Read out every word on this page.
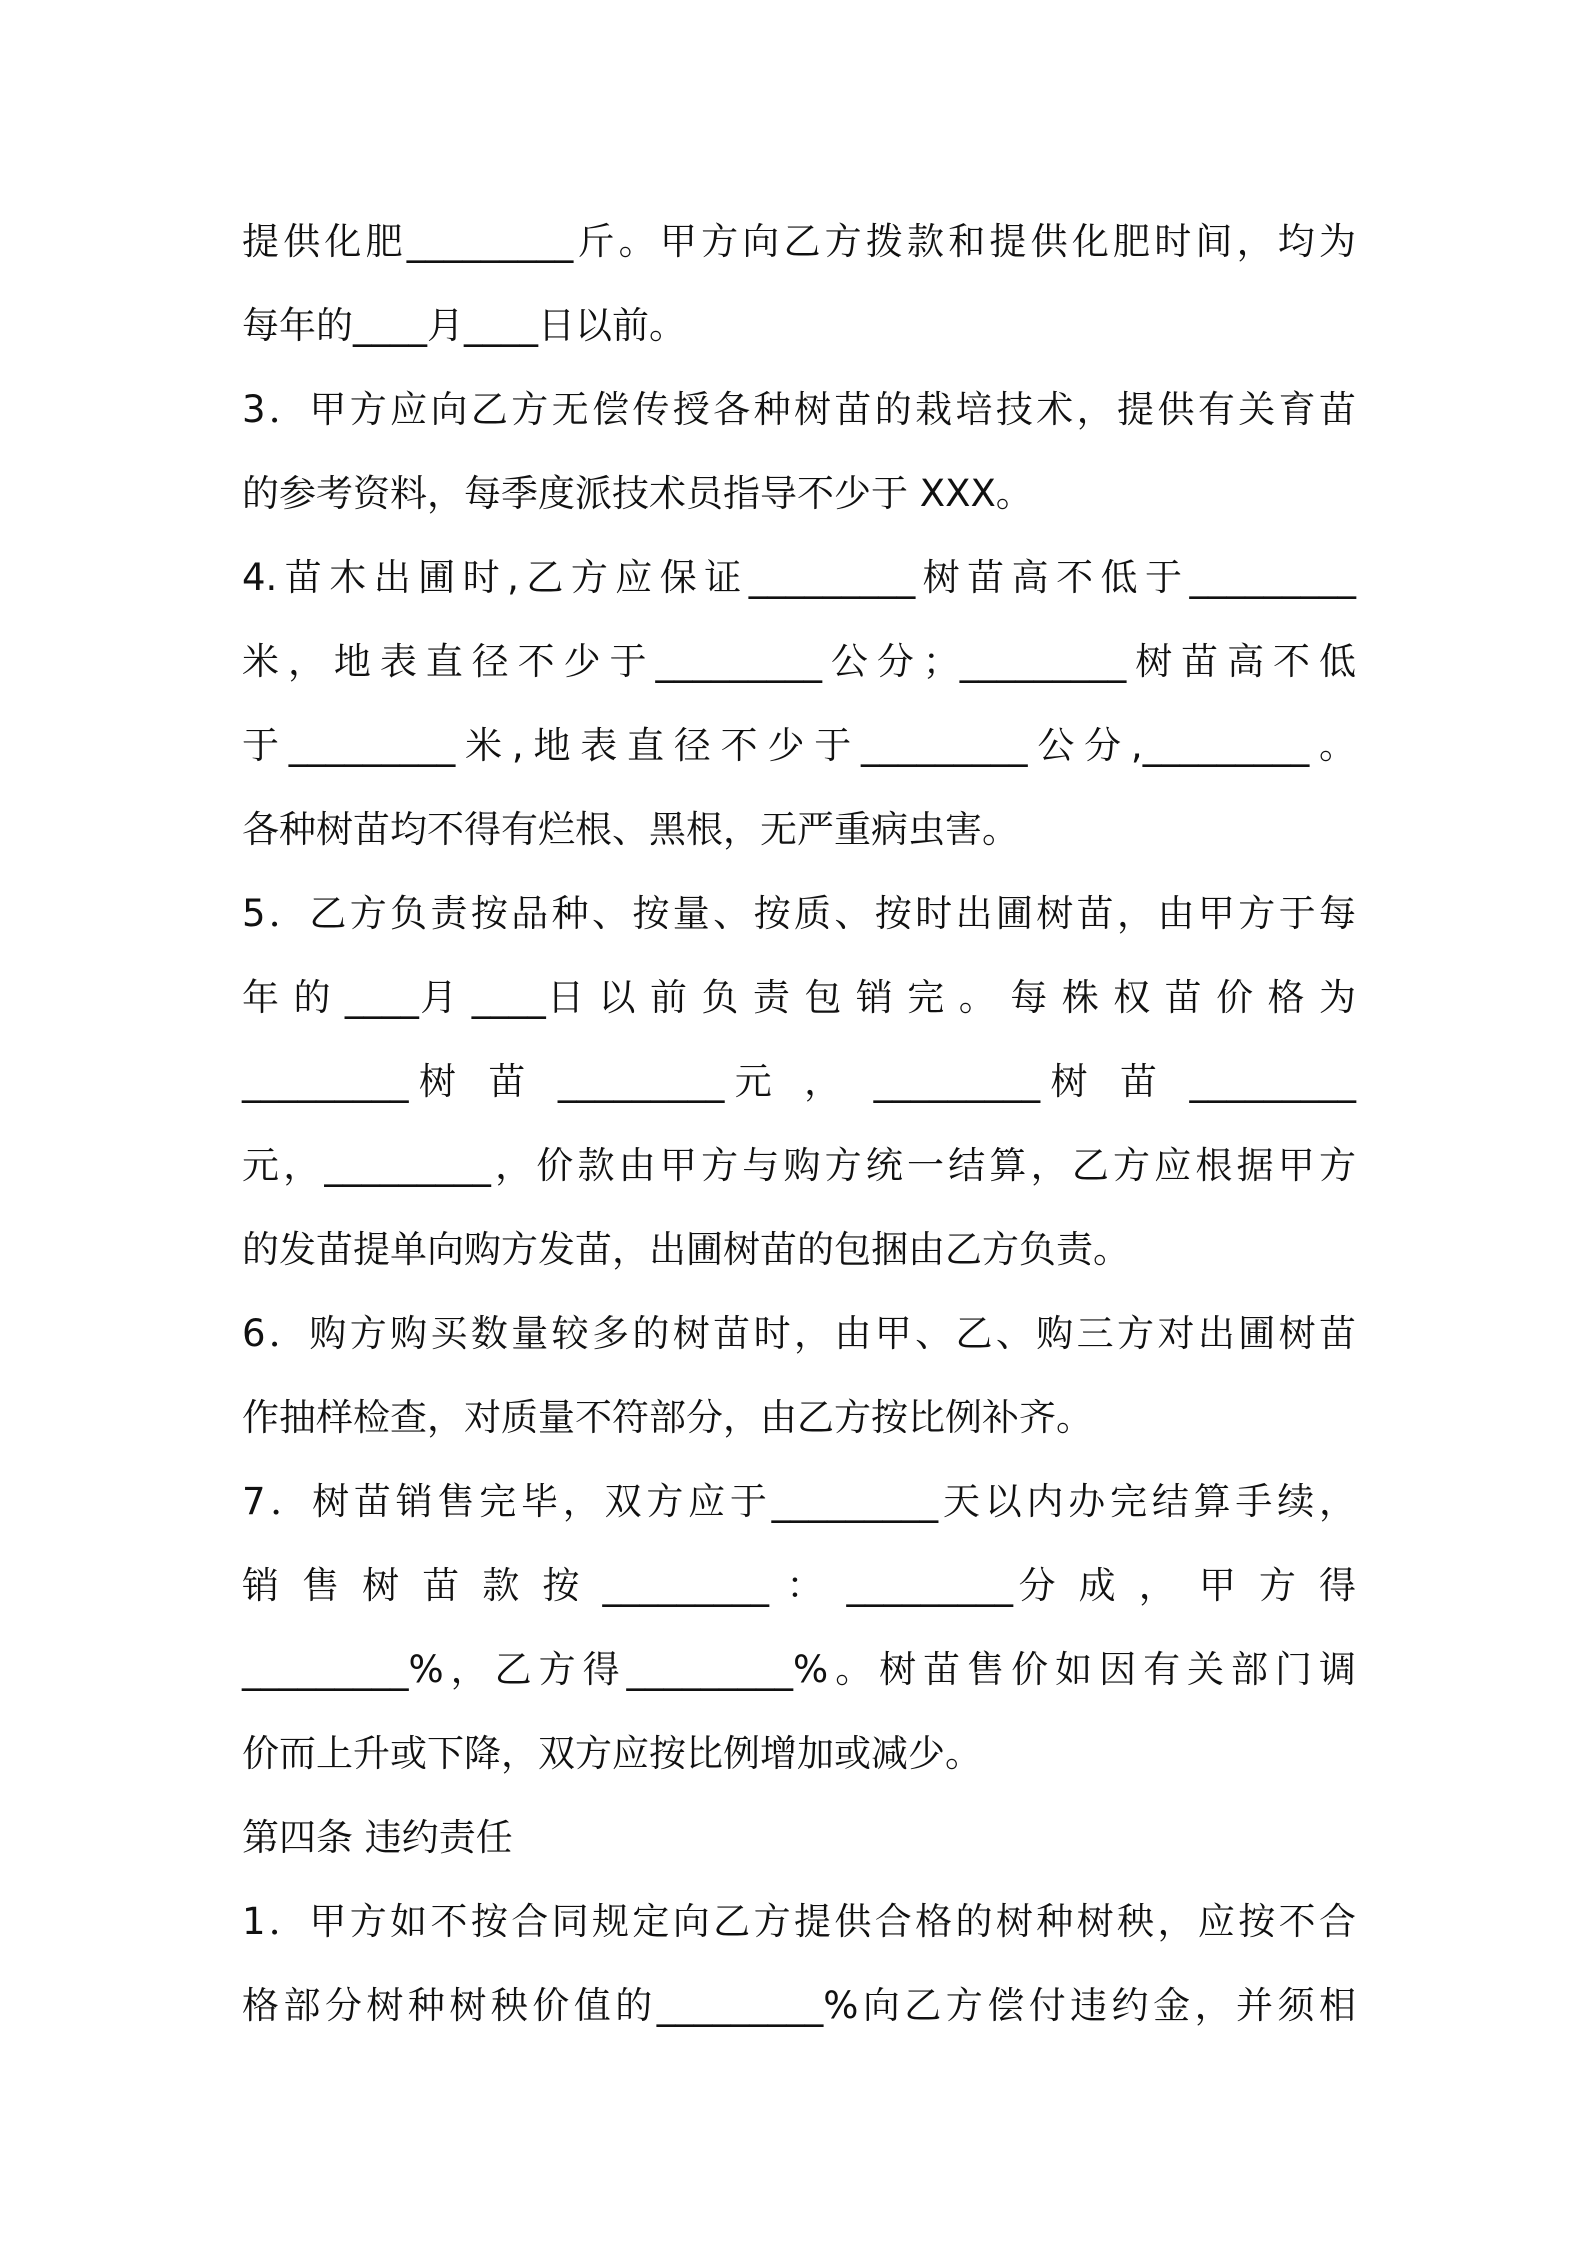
提供化肥_________斤。甲方向乙方拨款和提供化肥时间，均为

每年的____月____日以前。

3．甲方应向乙方无偿传授各种树苗的栽培技术，提供有关育苗

的参考资料，每季度派技术员指导不少于 XXX。

4.苗木出圃时,乙方应保证_________树苗高不低于_________

米，地表直径不少于_________公分；_________树苗高不低

于_________米,地表直径不少于_________公分,_________。

各种树苗均不得有烂根、黑根，无严重病虫害。

5．乙方负责按品种、按量、按质、按时出圃树苗，由甲方于每

年 的 ____月 ____日 以 前 负 责 包 销 完 。 每 株 权 苗 价 格 为

_________树 苗 _________元 ， _________树 苗 _________

元，_________，价款由甲方与购方统一结算，乙方应根据甲方

的发苗提单向购方发苗，出圃树苗的包捆由乙方负责。

6．购方购买数量较多的树苗时，由甲、乙、购三方对出圃树苗

作抽样检查，对质量不符部分，由乙方按比例补齐。

7．树苗销售完毕，双方应于_________天以内办完结算手续，

销 售 树 苗 款 按 _________ ： _________分 成 ， 甲 方 得

_________%，乙方得_________%。树苗售价如因有关部门调

价而上升或下降，双方应按比例增加或减少。

第四条 违约责任

1．甲方如不按合同规定向乙方提供合格的树种树秧，应按不合

格部分树种树秧价值的_________%向乙方偿付违约金，并须相
